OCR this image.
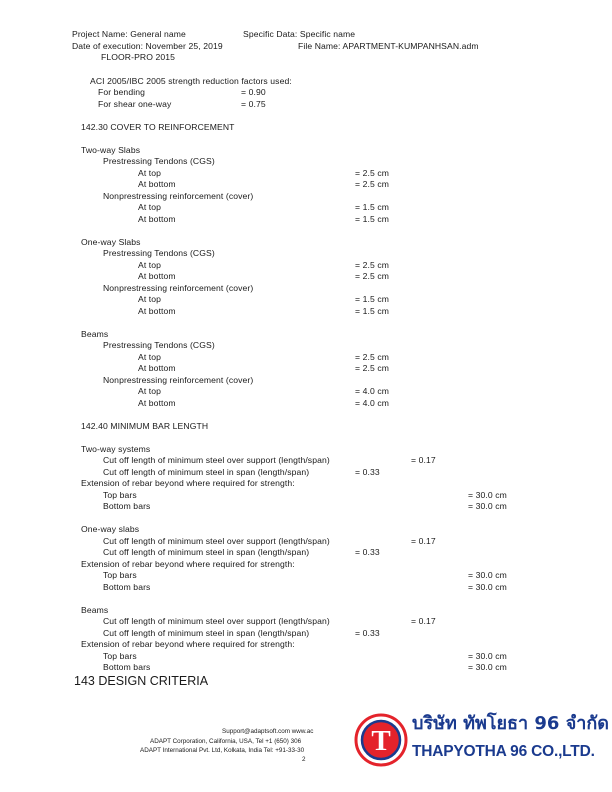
Project Name: General name	Specific Data: Specific name
Date of execution: November 25, 2019	File Name: APARTMENT-KUMPANHSAN.adm
FLOOR-PRO 2015
ACI 2005/IBC 2005 strength reduction factors used:
For bending	= 0.90
For shear one-way	= 0.75
142.30 COVER TO REINFORCEMENT
Two-way Slabs
Prestressing Tendons (CGS)
At top	= 2.5 cm
At bottom	= 2.5 cm
Nonprestressing reinforcement (cover)
At top	= 1.5 cm
At bottom	= 1.5 cm
One-way Slabs
Prestressing Tendons (CGS)
At top	= 2.5 cm
At bottom	= 2.5 cm
Nonprestressing reinforcement (cover)
At top	= 1.5 cm
At bottom	= 1.5 cm
Beams
Prestressing Tendons (CGS)
At top	= 2.5 cm
At bottom	= 2.5 cm
Nonprestressing reinforcement (cover)
At top	= 4.0 cm
At bottom	= 4.0 cm
142.40 MINIMUM BAR LENGTH
Two-way systems
Cut off length of minimum steel over support (length/span)	= 0.17
Cut off length of minimum steel in span (length/span)	= 0.33
Extension of rebar beyond where required for strength:
Top bars	= 30.0 cm
Bottom bars	= 30.0 cm
One-way slabs
Cut off length of minimum steel over support (length/span)	= 0.17
Cut off length of minimum steel in span (length/span)	= 0.33
Extension of rebar beyond where required for strength:
Top bars	= 30.0 cm
Bottom bars	= 30.0 cm
Beams
Cut off length of minimum steel over support (length/span)	= 0.17
Cut off length of minimum steel in span (length/span)	= 0.33
Extension of rebar beyond where required for strength:
Top bars	= 30.0 cm
Bottom bars	= 30.0 cm
143 DESIGN CRITERIA
Support@adaptsoft.com www.ac
ADAPT Corporation, California, USA, Tel +1 (650) 306
ADAPT International Pvt. Ltd, Kolkata, India Tel: +91-33-30
2
T
บริษัท ทัพโยธา 96 จำกัด
THAPYOTHA 96 CO.,LTD.
